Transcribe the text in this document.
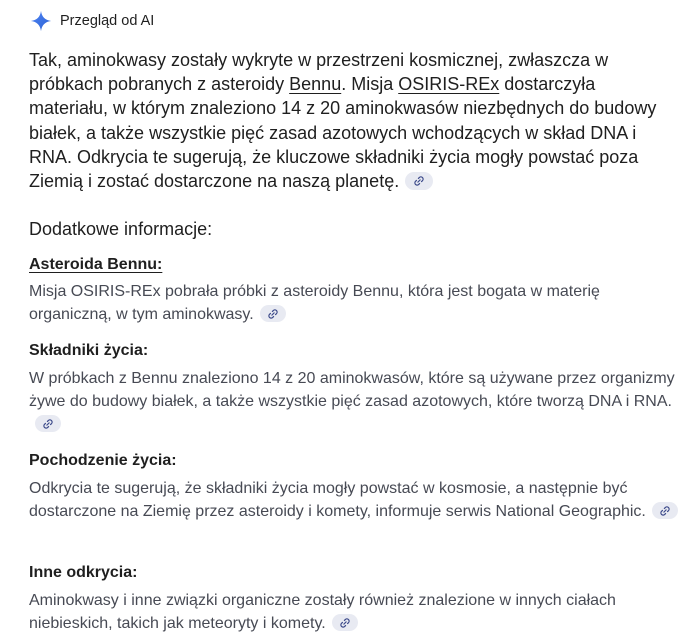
Przegląd od AI
Tak, aminokwasy zostały wykryte w przestrzeni kosmicznej, zwłaszcza w próbkach pobranych z asteroidy Bennu. Misja OSIRIS-REx dostarczyła materiału, w którym znaleziono 14 z 20 aminokwasów niezbędnych do budowy białek, a także wszystkie pięć zasad azotowych wchodzących w skład DNA i RNA. Odkrycia te sugerują, że kluczowe składniki życia mogły powstać poza Ziemią i zostać dostarczone na naszą planetę.
Dodatkowe informacje:
Asteroida Bennu:
Misja OSIRIS-REx pobrała próbki z asteroidy Bennu, która jest bogata w materię organiczną, w tym aminokwasy.
Składniki życia:
W próbkach z Bennu znaleziono 14 z 20 aminokwasów, które są używane przez organizmy żywe do budowy białek, a także wszystkie pięć zasad azotowych, które tworzą DNA i RNA.
Pochodzenie życia:
Odkrycia te sugerują, że składniki życia mogły powstać w kosmosie, a następnie być dostarczone na Ziemię przez asteroidy i komety, informuje serwis National Geographic.
Inne odkrycia:
Aminokwasy i inne związki organiczne zostały również znalezione w innych ciałach niebieskich, takich jak meteoryty i komety.
